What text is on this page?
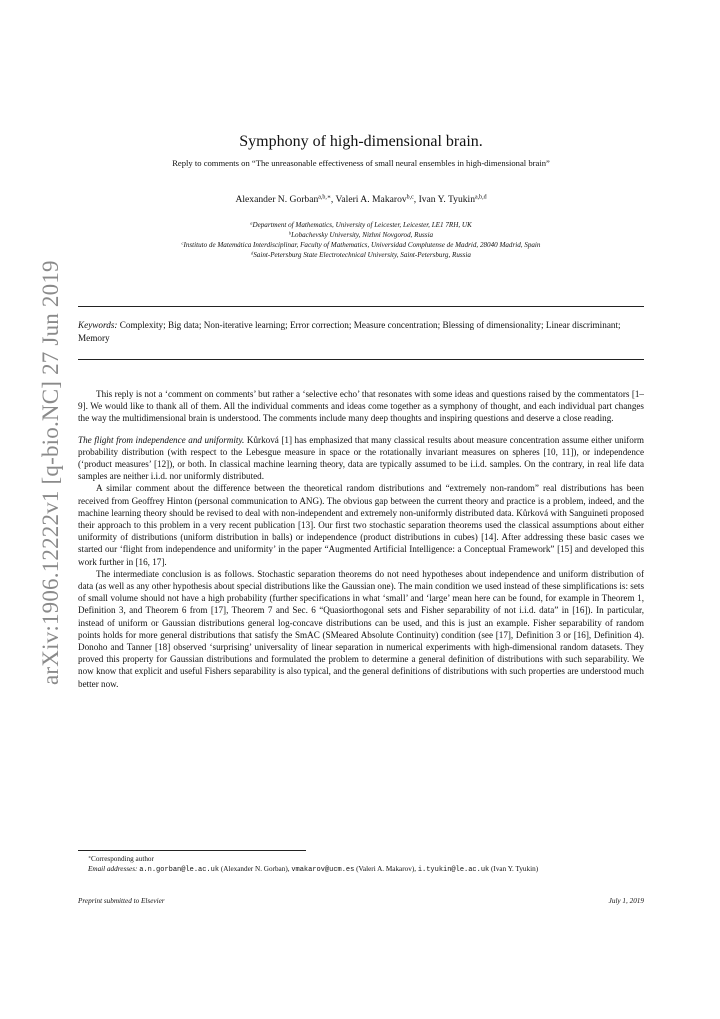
arXiv:1906.12222v1 [q-bio.NC] 27 Jun 2019
Symphony of high-dimensional brain.
Reply to comments on “The unreasonable effectiveness of small neural ensembles in high-dimensional brain”
Alexander N. Gorban$^{a,b,∗}$, Valeri A. Makarov$^{b,c}$, Ivan Y. Tyukin$^{a,b,d}$
$^a$Department of Mathematics, University of Leicester, Leicester, LE1 7RH, UK
$^b$Lobachevsky University, Nizhni Novgorod, Russia
$^c$Instituto de Matemática Interdisciplinar, Faculty of Mathematics, Universidad Complutense de Madrid, 28040 Madrid, Spain
$^d$Saint-Petersburg State Electrotechnical University, Saint-Petersburg, Russia
Keywords: Complexity; Big data; Non-iterative learning; Error correction; Measure concentration; Blessing of dimensionality; Linear discriminant; Memory

This reply is not a ‘comment on comments’ but rather a ‘selective echo’ that resonates with some ideas and questions raised by the commentators [1–9]. We would like to thank all of them. All the individual comments and ideas come together as a symphony of thought, and each individual part changes the way the multidimensional brain is understood. The comments include many deep thoughts and inspiring questions and deserve a close reading.

The flight from independence and uniformity. Kůrková [1] has emphasized that many classical results about measure concentration assume either uniform probability distribution (with respect to the Lebesgue measure in space or the rotationally invariant measures on spheres [10, 11]), or independence (‘product measures’ [12]), or both. In classical machine learning theory, data are typically assumed to be i.i.d. samples. On the contrary, in real life data samples are neither i.i.d. nor uniformly distributed.

A similar comment about the difference between the theoretical random distributions and “extremely non-random” real distributions has been received from Geoffrey Hinton (personal communication to ANG). The obvious gap between the current theory and practice is a problem, indeed, and the machine learning theory should be revised to deal with non-independent and extremely non-uniformly distributed data. Kůrková with Sanguineti proposed their approach to this problem in a very recent publication [13]. Our first two stochastic separation theorems used the classical assumptions about either uniformity of distributions (uniform distribution in balls) or independence (product distributions in cubes) [14]. After addressing these basic cases we started our ‘flight from independence and uniformity’ in the paper “Augmented Artificial Intelligence: a Conceptual Framework” [15] and developed this work further in [16, 17].

The intermediate conclusion is as follows. Stochastic separation theorems do not need hypotheses about independence and uniform distribution of data (as well as any other hypothesis about special distributions like the Gaussian one). The main condition we used instead of these simplifications is: sets of small volume should not have a high probability (further specifications in what ‘small’ and ‘large’ mean here can be found, for example in Theorem 1, Definition 3, and Theorem 6 from [17], Theorem 7 and Sec. 6 “Quasiorthogonal sets and Fisher separability of not i.i.d. data” in [16]). In particular, instead of uniform or Gaussian distributions general log-concave distributions can be used, and this is just an example. Fisher separability of random points holds for more general distributions that satisfy the SmAC (SMeared Absolute Continuity) condition (see [17], Definition 3 or [16], Definition 4). Donoho and Tanner [18] observed ‘surprising’ universality of linear separation in numerical experiments with high-dimensional random datasets. They proved this property for Gaussian distributions and formulated the problem to determine a general definition of distributions with such separability. We now know that explicit and useful Fishers separability is also typical, and the general definitions of distributions with such properties are understood much better now.

∗Corresponding author
Email addresses: a.n.gorban@le.ac.uk (Alexander N. Gorban), vmakarov@ucm.es (Valeri A. Makarov), i.tyukin@le.ac.uk (Ivan Y. Tyukin)
Preprint submitted to Elsevier	July 1, 2019
